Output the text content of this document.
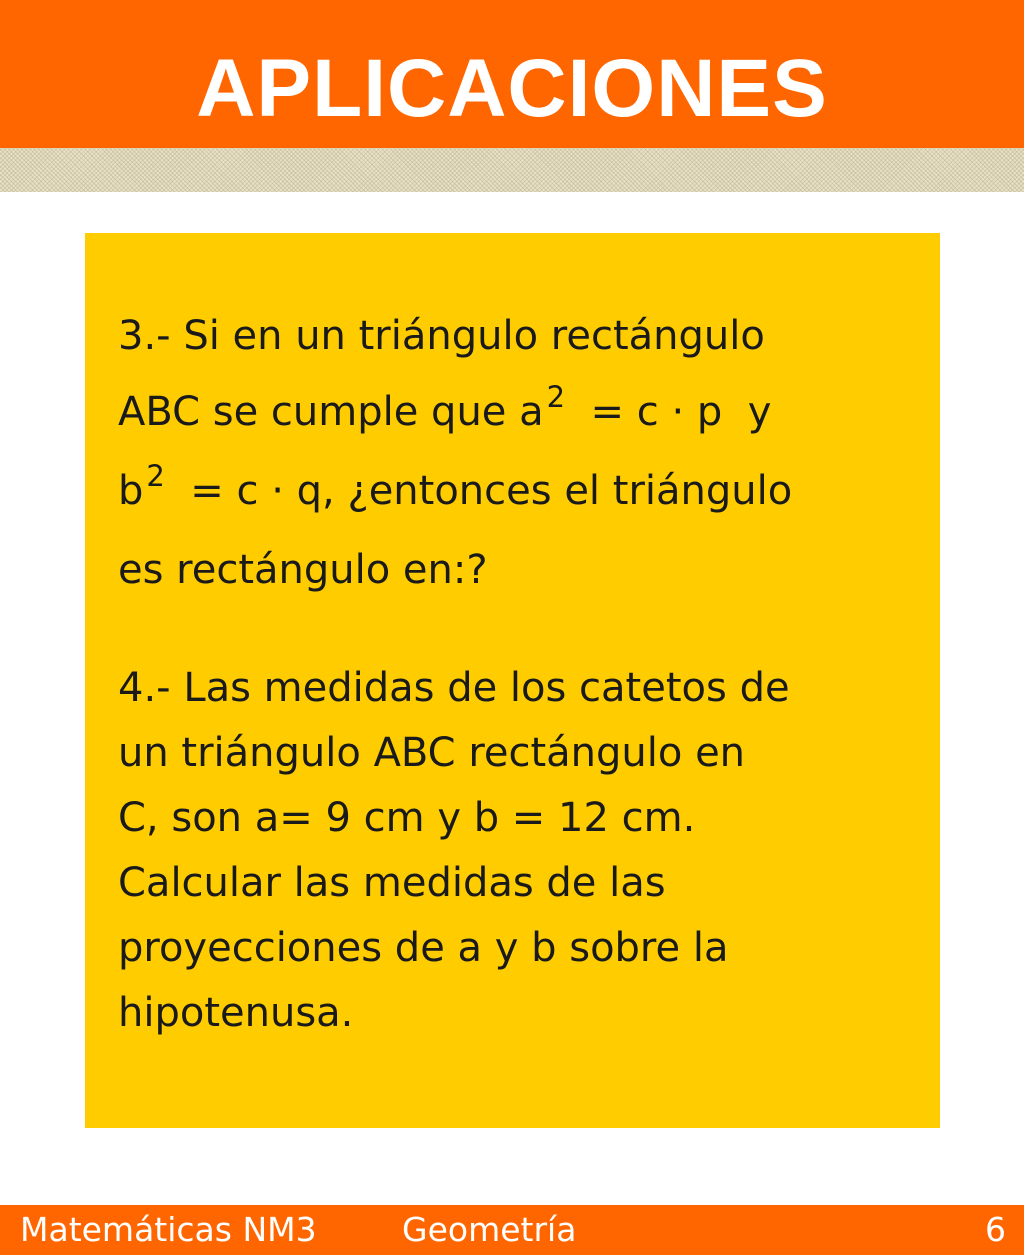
APLICACIONES

3.- Si en un triángulo rectángulo
ABC se cumple que a $^2$  = c · p  y
b $^2$  = c · q, ¿entonces el triángulo
es rectángulo en:?

4.- Las medidas de los catetos de
un triángulo ABC rectángulo en
C, son a= 9 cm y b = 12 cm.
Calcular las medidas de las
proyecciones de a y b sobre la
hipotenusa.

Matemáticas NM3	Geometría	6
